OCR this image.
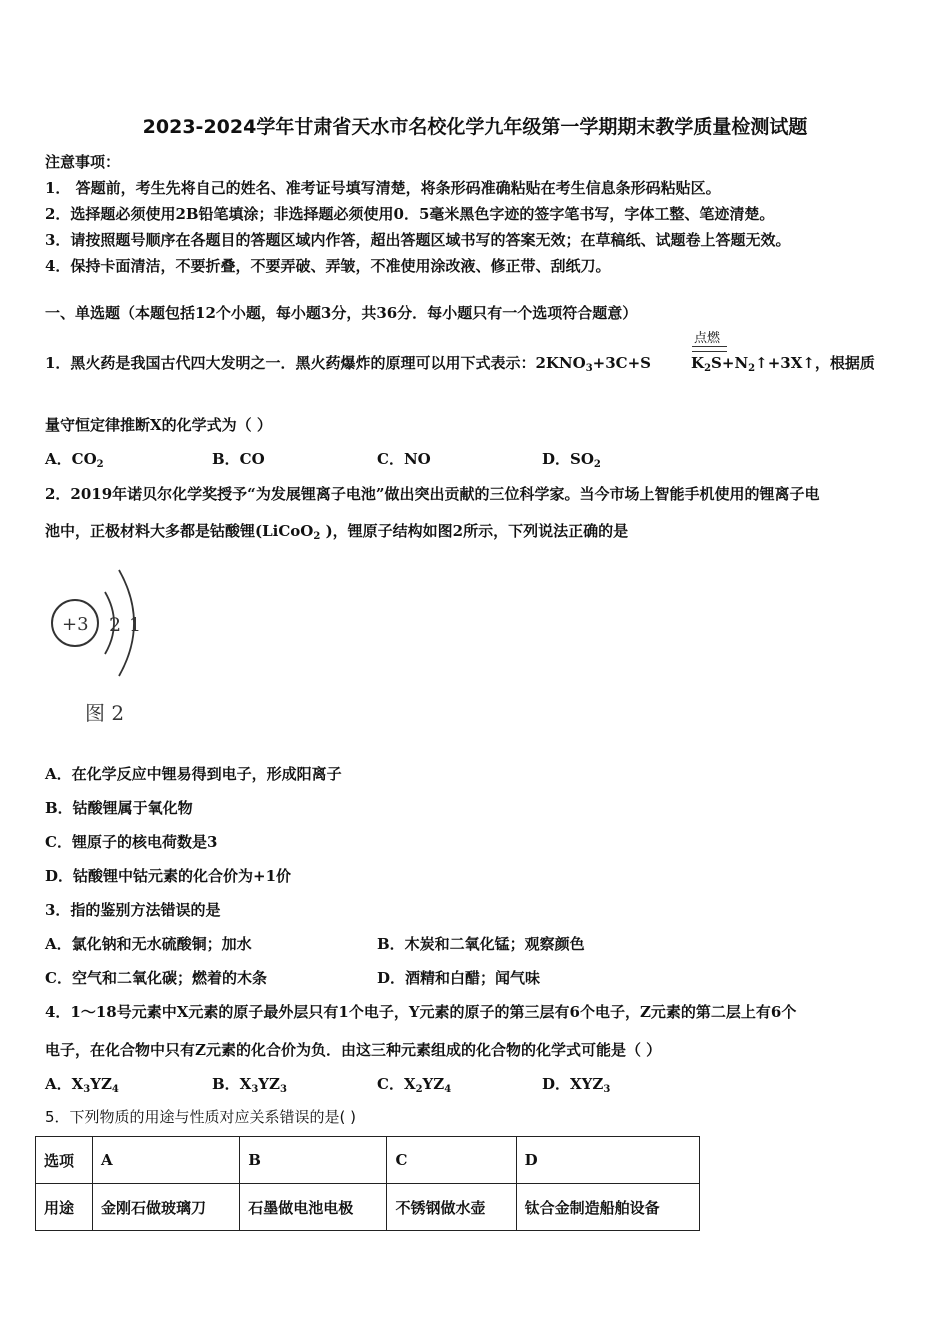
2023-2024学年甘肃省天水市名校化学九年级第一学期期末教学质量检测试题
注意事项：
1． 答题前，考生先将自己的姓名、准考证号填写清楚，将条形码准确粘贴在考生信息条形码粘贴区。
2．选择题必须使用2B铅笔填涂；非选择题必须使用0．5毫米黑色字迹的签字笔书写，字体工整、笔迹清楚。
3．请按照题号顺序在各题目的答题区域内作答，超出答题区域书写的答案无效；在草稿纸、试题卷上答题无效。
4．保持卡面清洁，不要折叠，不要弄破、弄皱，不准使用涂改液、修正带、刮纸刀。
一、单选题（本题包括12个小题，每小题3分，共36分．每小题只有一个选项符合题意）
点燃
1．黑火药是我国古代四大发明之一．黑火药爆炸的原理可以用下式表示：$2KNO_3+3C+S$	$K_2S+N_2↑+3X↑$，根据质
量守恒定律推断X的化学式为（ ）
A．$CO_2$	B．CO	C．NO	D．$SO_2$
2．2019年诺贝尔化学奖授予“为发展锂离子电池”做出突出贡献的三位科学家。当今市场上智能手机使用的锂离子电
池中，正极材料大多都是钴酸锂(LiCoO$_2$ )，锂原子结构如图2所示，下列说法正确的是
+3 2 1
图 2
A．在化学反应中锂易得到电子，形成阳离子
B．钴酸锂属于氧化物
C．锂原子的核电荷数是3
D．钴酸锂中钴元素的化合价为+1价
3．指的鉴别方法错误的是
A．氯化钠和无水硫酸铜；加水	B．木炭和二氧化锰；观察颜色
C．空气和二氧化碳；燃着的木条	D．酒精和白醋；闻气味
4．1～18号元素中X元素的原子最外层只有1个电子，Y元素的原子的第三层有6个电子，Z元素的第二层上有6个
电子，在化合物中只有Z元素的化合价为负．由这三种元素组成的化合物的化学式可能是（ ）
A．$X_3YZ_4$	B．$X_3YZ_3$	C．$X_2YZ_4$	D．$XYZ_3$
5．下列物质的用途与性质对应关系错误的是( )
选项	A	B	C	D
用途	金刚石做玻璃刀	石墨做电池电极	不锈钢做水壶	钛合金制造船舶设备
